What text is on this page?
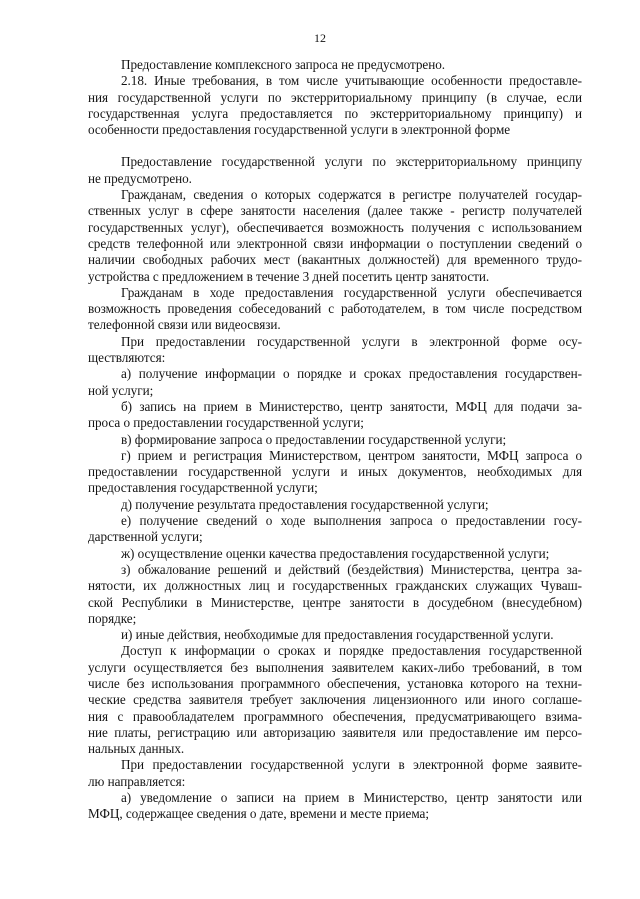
12

Предоставление комплексного запроса не предусмотрено.

2.18. Иные требования, в том числе учитывающие особенности предоставле-
ния государственной услуги по экстерриториальному принципу (в случае, если
государственная услуга предоставляется по экстерриториальному принципу) и
особенности предоставления государственной услуги в электронной форме

Предоставление государственной услуги по экстерриториальному принципу
не предусмотрено.

Гражданам, сведения о которых содержатся в регистре получателей государ-
ственных услуг в сфере занятости населения (далее также - регистр получателей
государственных услуг), обеспечивается возможность получения с использованием
средств телефонной или электронной связи информации о поступлении сведений о
наличии свободных рабочих мест (вакантных должностей) для временного трудо-
устройства с предложением в течение 3 дней посетить центр занятости.

Гражданам в ходе предоставления государственной услуги обеспечивается
возможность проведения собеседований с работодателем, в том числе посредством
телефонной связи или видеосвязи.

При предоставлении государственной услуги в электронной форме осу-
ществляются:

а) получение информации о порядке и сроках предоставления государствен-
ной услуги;

б) запись на прием в Министерство, центр занятости, МФЦ для подачи за-
проса о предоставлении государственной услуги;

в) формирование запроса о предоставлении государственной услуги;

г) прием и регистрация Министерством, центром занятости, МФЦ запроса о
предоставлении государственной услуги и иных документов, необходимых для
предоставления государственной услуги;

д) получение результата предоставления государственной услуги;

е) получение сведений о ходе выполнения запроса о предоставлении госу-
дарственной услуги;

ж) осуществление оценки качества предоставления государственной услуги;

з) обжалование решений и действий (бездействия) Министерства, центра за-
нятости, их должностных лиц и государственных гражданских служащих Чуваш-
ской Республики в Министерстве, центре занятости в досудебном (внесудебном)
порядке;

и) иные действия, необходимые для предоставления государственной услуги.

Доступ к информации о сроках и порядке предоставления государственной
услуги осуществляется без выполнения заявителем каких-либо требований, в том
числе без использования программного обеспечения, установка которого на техни-
ческие средства заявителя требует заключения лицензионного или иного соглаше-
ния с правообладателем программного обеспечения, предусматривающего взима-
ние платы, регистрацию или авторизацию заявителя или предоставление им персо-
нальных данных.

При предоставлении государственной услуги в электронной форме заявите-
лю направляется:

а) уведомление о записи на прием в Министерство, центр занятости или
МФЦ, содержащее сведения о дате, времени и месте приема;
